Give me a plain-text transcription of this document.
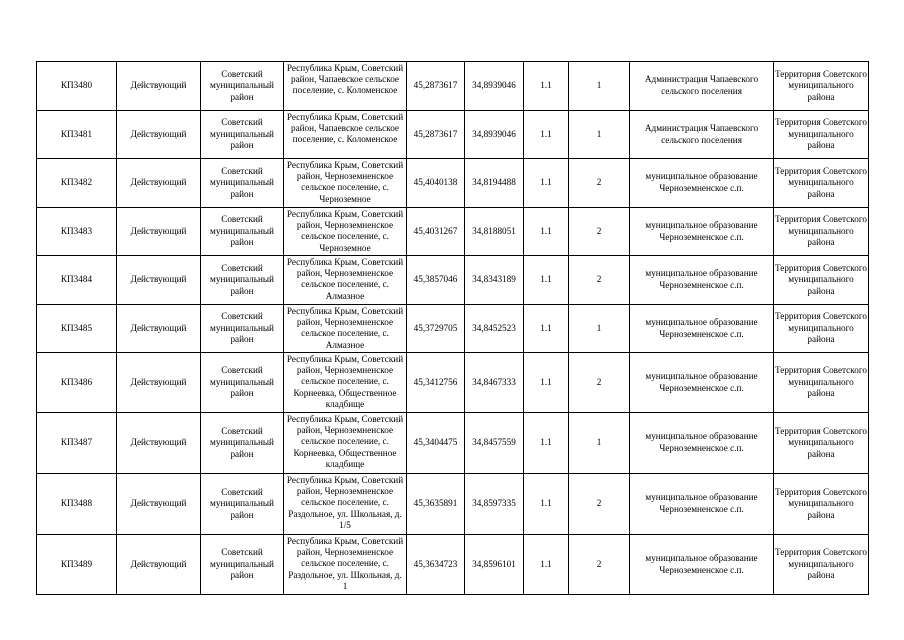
КП3480	Действующий	Советский муниципальный район	Республика Крым, Советский район, Чапаевское сельское поселение, с. Коломенское	45,2873617	34,8939046	1.1	1	Администрация Чапаевского сельского поселения	Территория Советского муниципального района
КП3481	Действующий	Советский муниципальный район	Республика Крым, Советский район, Чапаевское сельское поселение, с. Коломенское	45,2873617	34,8939046	1.1	1	Администрация Чапаевского сельского поселения	Территория Советского муниципального района
КП3482	Действующий	Советский муниципальный район	Республика Крым, Советский район, Черноземненское сельское поселение, с. Черноземное	45,4040138	34,8194488	1.1	2	муниципальное образование Черноземненское с.п.	Территория Советского муниципального района
КП3483	Действующий	Советский муниципальный район	Республика Крым, Советский район, Черноземненское сельское поселение, с. Черноземное	45,4031267	34,8188051	1.1	2	муниципальное образование Черноземненское с.п.	Территория Советского муниципального района
КП3484	Действующий	Советский муниципальный район	Республика Крым, Советский район, Черноземненское сельское поселение, с. Алмазное	45,3857046	34,8343189	1.1	2	муниципальное образование Черноземненское с.п.	Территория Советского муниципального района
КП3485	Действующий	Советский муниципальный район	Республика Крым, Советский район, Черноземненское сельское поселение, с. Алмазное	45,3729705	34,8452523	1.1	1	муниципальное образование Черноземненское с.п.	Территория Советского муниципального района
КП3486	Действующий	Советский муниципальный район	Республика Крым, Советский район, Черноземненское сельское поселение, с. Корнеевка, Общественное кладбище	45,3412756	34,8467333	1.1	2	муниципальное образование Черноземненское с.п.	Территория Советского муниципального района
КП3487	Действующий	Советский муниципальный район	Республика Крым, Советский район, Черноземненское сельское поселение, с. Корнеевка, Общественное кладбище	45,3404475	34,8457559	1.1	1	муниципальное образование Черноземненское с.п.	Территория Советского муниципального района
КП3488	Действующий	Советский муниципальный район	Республика Крым, Советский район, Черноземненское сельское поселение, с. Раздольное, ул. Школьная, д. 1/5	45,3635891	34,8597335	1.1	2	муниципальное образование Черноземненское с.п.	Территория Советского муниципального района
КП3489	Действующий	Советский муниципальный район	Республика Крым, Советский район, Черноземненское сельское поселение, с. Раздольное, ул. Школьная, д. 1	45,3634723	34,8596101	1.1	2	муниципальное образование Черноземненское с.п.	Территория Советского муниципального района
